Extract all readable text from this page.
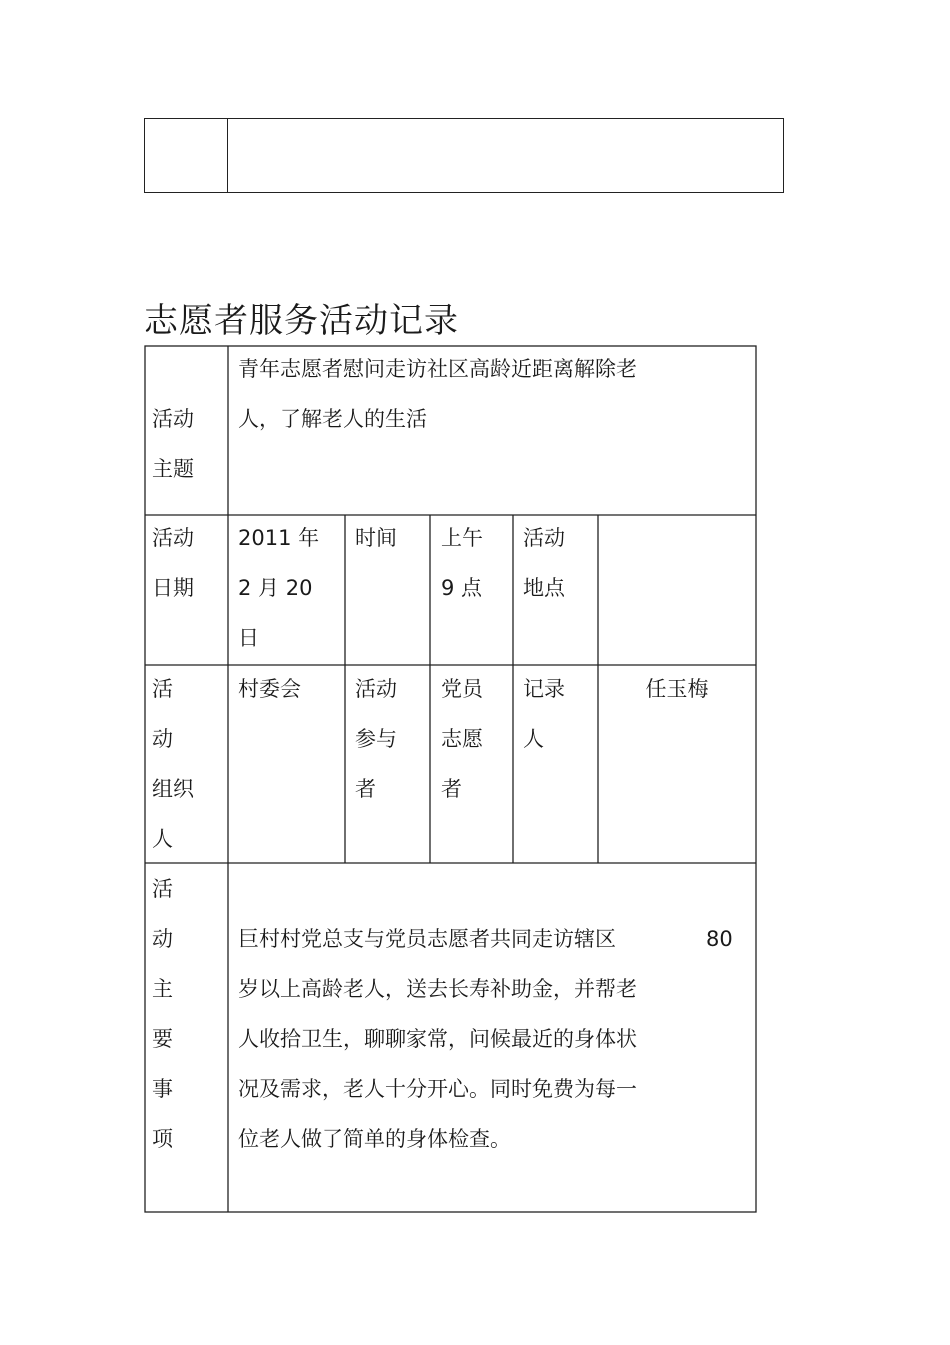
志愿者服务活动记录
活动
主题
青年志愿者慰问走访社区高龄近距离解除老
人，了解老人的生活
活动
日期
2011 年
2 月 20
日
时间 上午
9 点
活动
地点
活
动
组织
人
村委会	活动
参与
者
党员
志愿
者
记录
人
任玉梅
活
动
主
要
事
项
巨村村党总支与党员志愿者共同走访辖区
岁以上高龄老人，送去长寿补助金，并帮老
人收拾卫生，聊聊家常，问候最近的身体状
况及需求，老人十分开心。同时免费为每一
位老人做了简单的身体检查。
80
